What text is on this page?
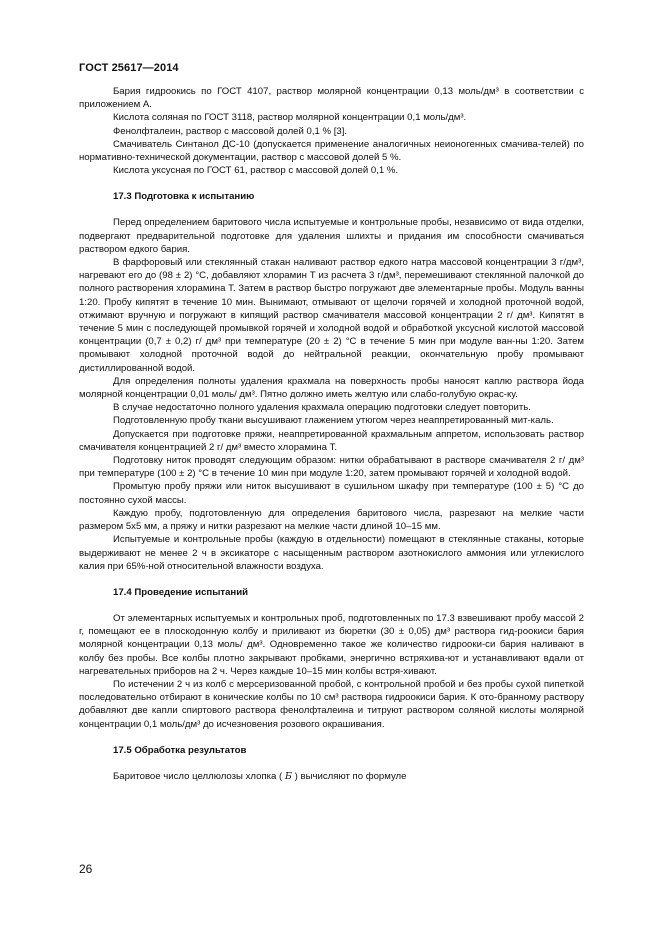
ГОСТ 25617—2014

Бария гидроокись по ГОСТ 4107, раствор молярной концентрации 0,13 моль/дм³ в соответствии с приложением А.

Кислота соляная по ГОСТ 3118, раствор молярной концентрации 0,1 моль/дм³.

Фенолфталеин, раствор с массовой долей 0,1 % [3].

Смачиватель Синтанол ДС-10 (допускается применение аналогичных неионогенных смачива-телей) по нормативно-технической документации, раствор с массовой долей 5 %.

Кислота уксусная по ГОСТ 61, раствор с массовой долей 0,1 %.

17.3 Подготовка к испытанию

Перед определением баритового числа испытуемые и контрольные пробы, независимо от вида отделки, подвергают предварительной подготовке для удаления шлихты и придания им способности смачиваться раствором едкого бария.

В фарфоровый или стеклянный стакан наливают раствор едкого натра массовой концентрации 3 г/дм³, нагревают его до (98 ± 2) °С, добавляют хлорамин Т из расчета 3 г/дм³, перемешивают стеклянной палочкой до полного растворения хлорамина Т. Затем в раствор быстро погружают две элементарные пробы. Модуль ванны 1:20. Пробу кипятят в течение 10 мин. Вынимают, отмывают от щелочи горячей и холодной проточной водой, отжимают вручную и погружают в кипящий раствор смачивателя массовой концентрации 2 г/ дм³. Кипятят в течение 5 мин с последующей промывкой горячей и холодной водой и обработкой уксусной кислотой массовой концентрации (0,7 ± 0,2) г/ дм³ при температуре (20 ± 2) °С в течение 5 мин при модуле ван-ны 1:20. Затем промывают холодной проточной водой до нейтральной реакции, окончательную пробу промывают дистиллированной водой.

Для определения полноты удаления крахмала на поверхность пробы наносят каплю раствора йода молярной концентрации 0,01 моль/ дм³. Пятно должно иметь желтую или слабо-голубую окрас-ку.

В случае недостаточно полного удаления крахмала операцию подготовки следует повторить.

Подготовленную пробу ткани высушивают глажением утюгом через неаппретированный мит-каль.

Допускается при подготовке пряжи, неаппретированной крахмальным аппретом, использовать раствор смачивателя концентрацией 2 г/ дм³ вместо хлорамина Т.

Подготовку ниток проводят следующим образом: нитки обрабатывают в растворе смачивателя 2 г/ дм³ при температуре (100 ± 2) °С в течение 10 мин при модуле 1:20, затем промывают горячей и холодной водой.

Промытую пробу пряжи или ниток высушивают в сушильном шкафу при температуре (100 ± 5) °С до постоянно сухой массы.

Каждую пробу, подготовленную для определения баритового числа, разрезают на мелкие части размером 5х5 мм, а пряжу и нитки разрезают на мелкие части длиной 10–15 мм.

Испытуемые и контрольные пробы (каждую в отдельности) помещают в стеклянные стаканы, которые выдерживают не менее 2 ч в эксикаторе с насыщенным раствором азотнокислого аммония или углекислого калия при 65%-ной относительной влажности воздуха.

17.4 Проведение испытаний

От элементарных испытуемых и контрольных проб, подготовленных по 17.3 взвешивают пробу массой 2 г, помещают ее в плоскодонную колбу и приливают из бюретки (30 ± 0,05) дм³ раствора гид-роокиси бария молярной концентрации 0,13 моль/ дм³. Одновременно такое же количество гидрооки-си бария наливают в колбу без пробы. Все колбы плотно закрывают пробками, энергично встряхива-ют и устанавливают вдали от нагревательных приборов на 2 ч. Через каждые 10–15 мин колбы встря-хивают.

По истечении 2 ч из колб с мерсеризованной пробой, с контрольной пробой и без пробы сухой пипеткой последовательно отбирают в конические колбы по 10 см³ раствора гидроокиси бария. К ото-бранному раствору добавляют две капли спиртового раствора фенолфталеина и титруют раствором соляной кислоты молярной концентрации 0,1 моль/дм³ до исчезновения розового окрашивания.

17.5 Обработка результатов

Баритовое число целлюлозы хлопка ( Б ) вычисляют по формуле

26
